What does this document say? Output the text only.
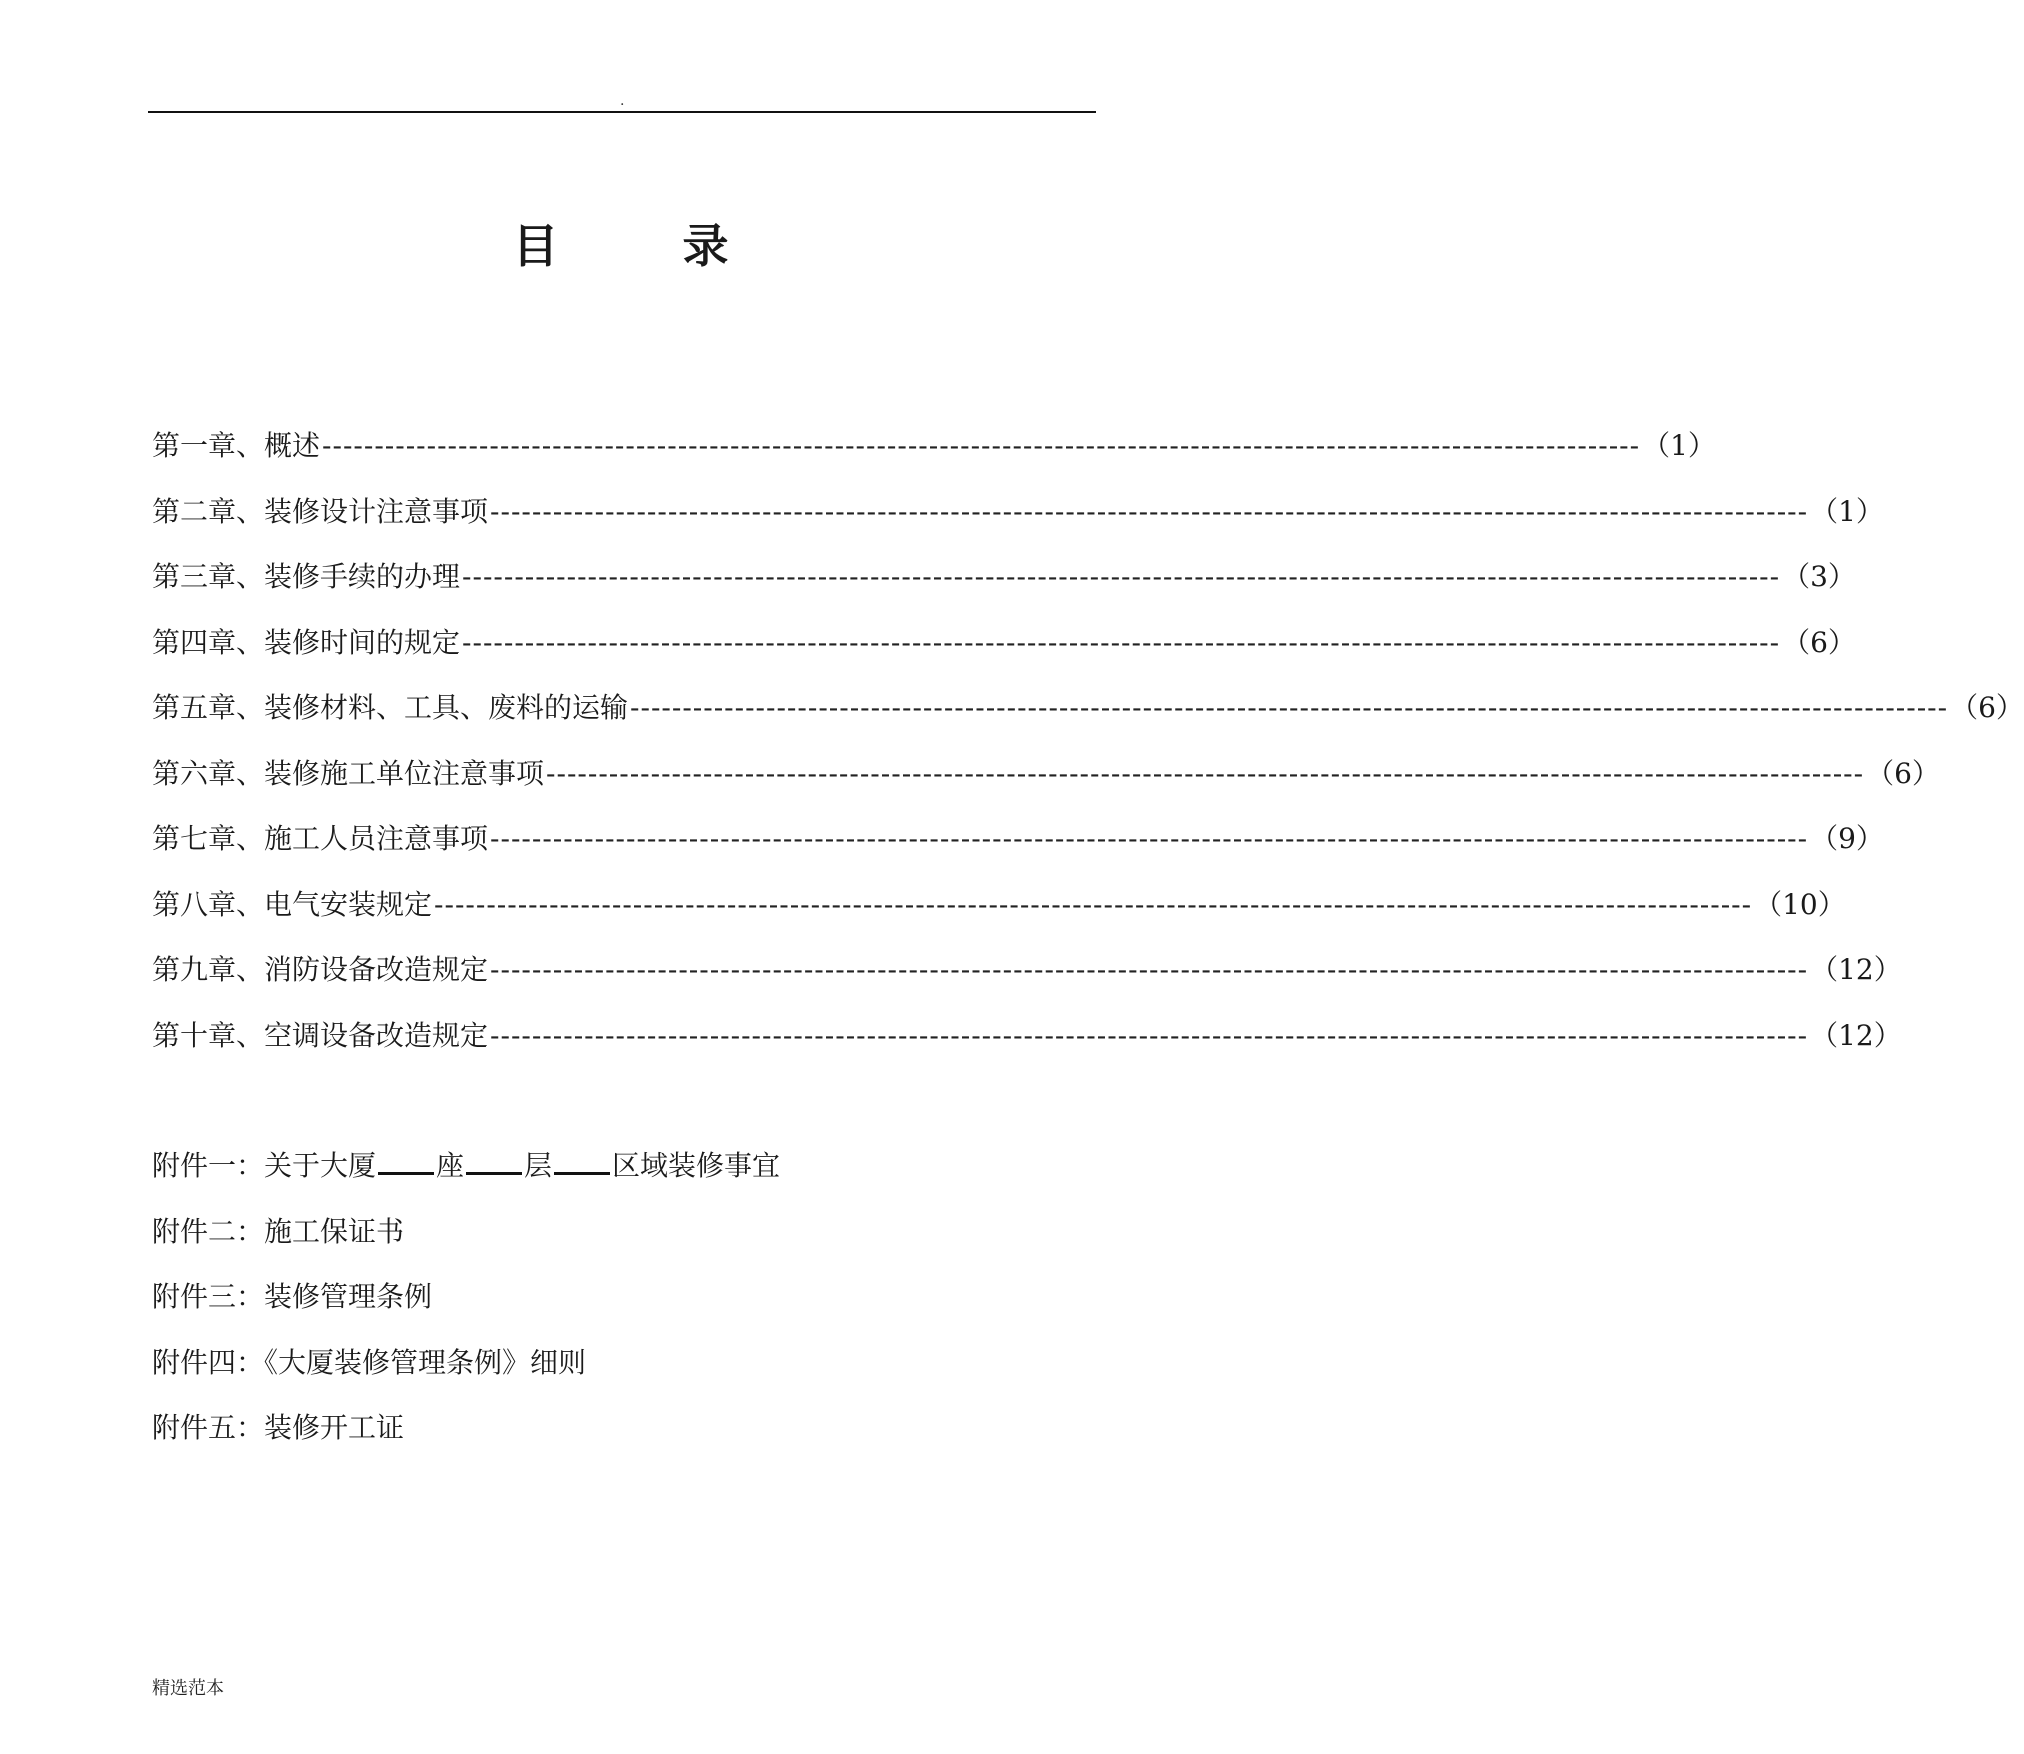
.
目 录
第一章、概述 ------------------------------------------------------------------------------------------------------------------------------ （1）
第二章、装修设计注意事项 ------------------------------------------------------------------------------------------------------------------------------ （1）
第三章、装修手续的办理 ------------------------------------------------------------------------------------------------------------------------------ （3）
第四章、装修时间的规定 ------------------------------------------------------------------------------------------------------------------------------ （6）
第五章、装修材料、工具、废料的运输 ------------------------------------------------------------------------------------------------------------------------------ （6）
第六章、装修施工单位注意事项 ------------------------------------------------------------------------------------------------------------------------------ （6）
第七章、施工人员注意事项 ------------------------------------------------------------------------------------------------------------------------------ （9）
第八章、电气安装规定 ------------------------------------------------------------------------------------------------------------------------------ （10）
第九章、消防设备改造规定 ------------------------------------------------------------------------------------------------------------------------------ （12）
第十章、空调设备改造规定 ------------------------------------------------------------------------------------------------------------------------------ （12）
附件一：关于大厦 座 层 区域装修事宜
附件二：施工保证书
附件三：装修管理条例
附件四：《大厦装修管理条例》细则
附件五：装修开工证
精选范本
